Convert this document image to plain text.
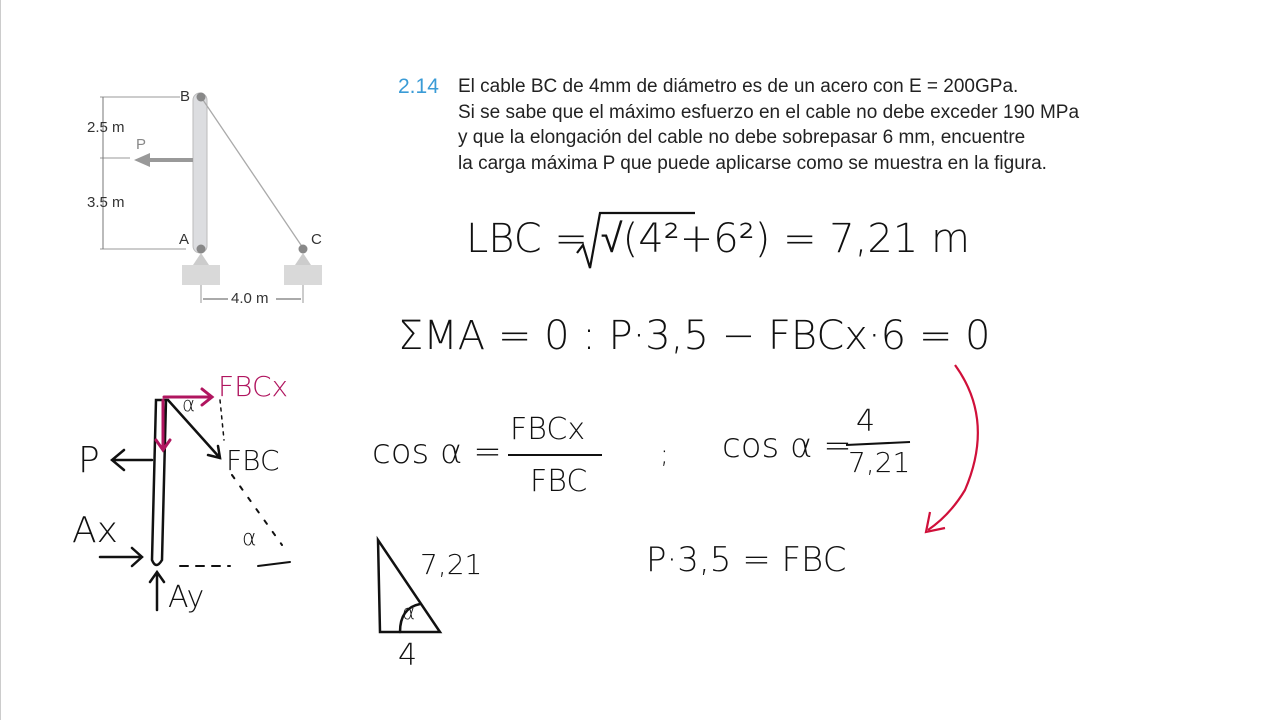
2.14 El cable BC de 4mm de diámetro es de un acero con E = 200GPa.
Si se sabe que el máximo esfuerzo en el cable no debe exceder 190 MPa
y que la elongación del cable no debe sobrepasar 6 mm, encuentre
la carga máxima P que puede aplicarse como se muestra en la figura.
B
A	C
P
2.5 m
3.5 m
4.0 m
P
Ax
Ay
FBCx
FBC
α
α
7,21
4
α
LBC = √(4²+6²) = 7,21 m
ΣMA = 0 : P·3,5 − FBCx·6 = 0
cos α =
FBCx
FBC
; cos α =
4
7,21
P·3,5 = FBC
